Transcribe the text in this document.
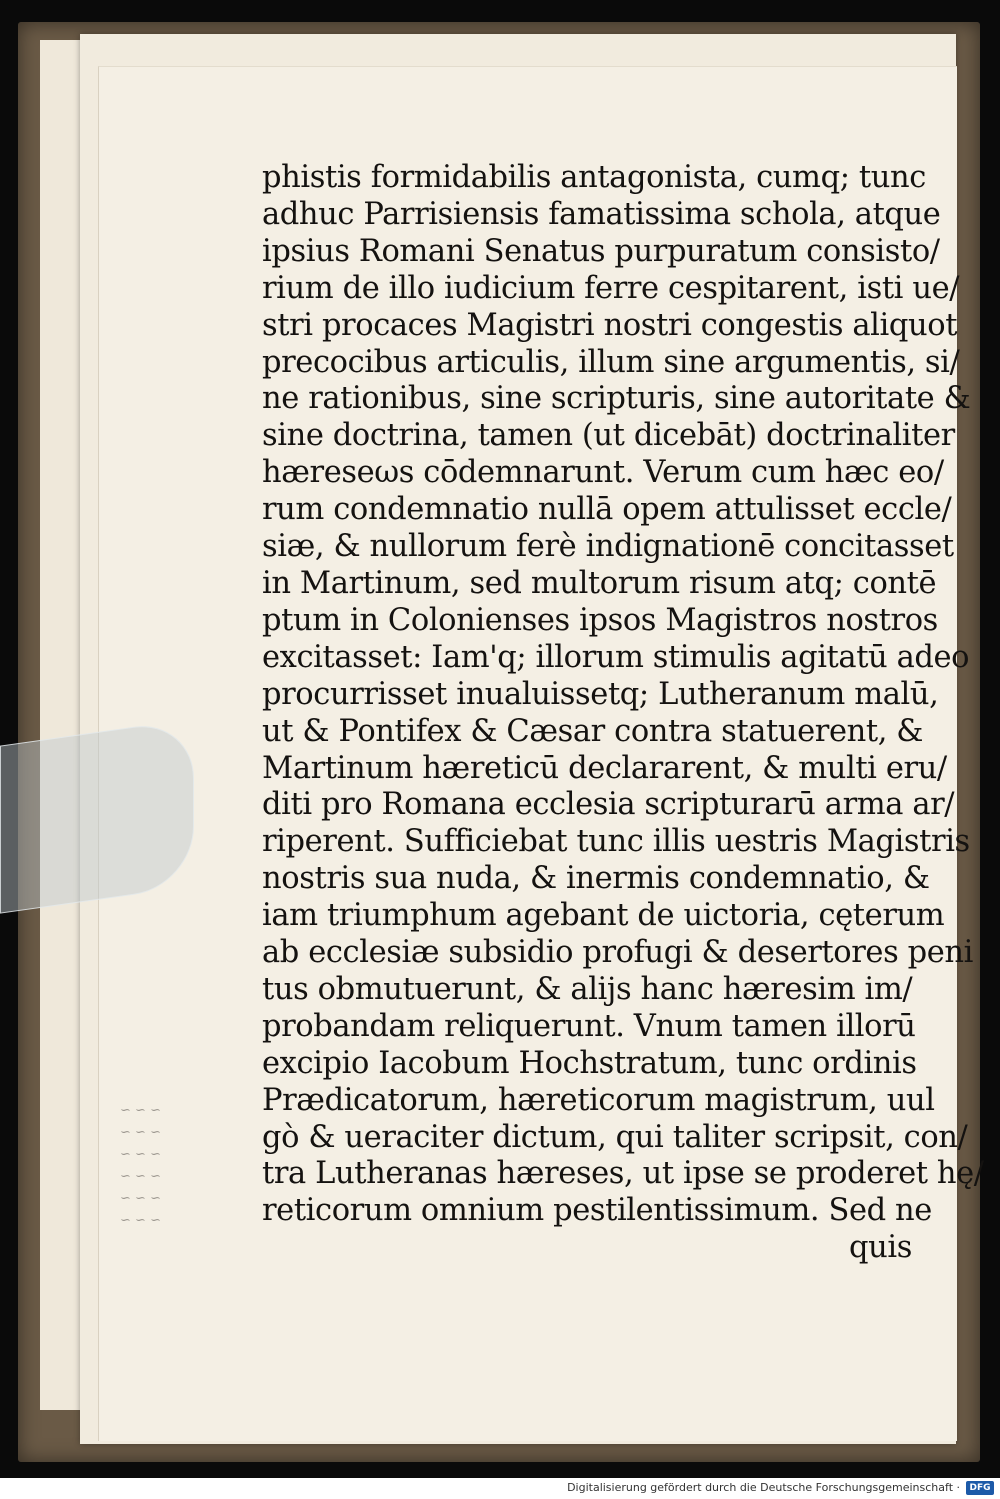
~ ~ ~
~ ~ ~
~ ~ ~
~ ~ ~
~ ~ ~
~ ~ ~
phistis formidabilis antagonista, cumq; tunc
adhuc Parrisiensis famatissima schola, atque
ipsius Romani Senatus purpuratum consisto/
rium de illo iudicium ferre cespitarent, isti ue/
stri procaces Magistri nostri congestis aliquot
precocibus articulis, illum sine argumentis, si/
ne rationibus, sine scripturis, sine autoritate &
sine doctrina, tamen (ut dicebāt) doctrinaliter
hæreseωs cōdemnarunt. Verum cum hæc eo/
rum condemnatio nullā opem attulisset eccle/
siæ, & nullorum ferè indignationē concitasset
in Martinum, sed multorum risum atq; contē
ptum in Colonienses ipsos Magistros nostros
excitasset: Iam'q; illorum stimulis agitatū adeo
procurrisset inualuissetq; Lutheranum malū,
ut & Pontifex & Cæsar contra statuerent, &
Martinum hæreticū declararent, & multi eru/
diti pro Romana ecclesia scripturarū arma ar/
riperent. Sufficiebat tunc illis uestris Magistris
nostris sua nuda, & inermis condemnatio, &
iam triumphum agebant de uictoria, cęterum
ab ecclesiæ subsidio profugi & desertores peni
tus obmutuerunt, & alijs hanc hæresim im/
probandam reliquerunt. Vnum tamen illorū
excipio Iacobum Hochstratum, tunc ordinis
Prædicatorum, hæreticorum magistrum, uul
gò & ueraciter dictum, qui taliter scripsit, con/
tra Lutheranas hæreses, ut ipse se proderet hę/
reticorum omnium pestilentissimum. Sed ne
quis
Digitalisierung gefördert durch die Deutsche Forschungsgemeinschaft ·	DFG
